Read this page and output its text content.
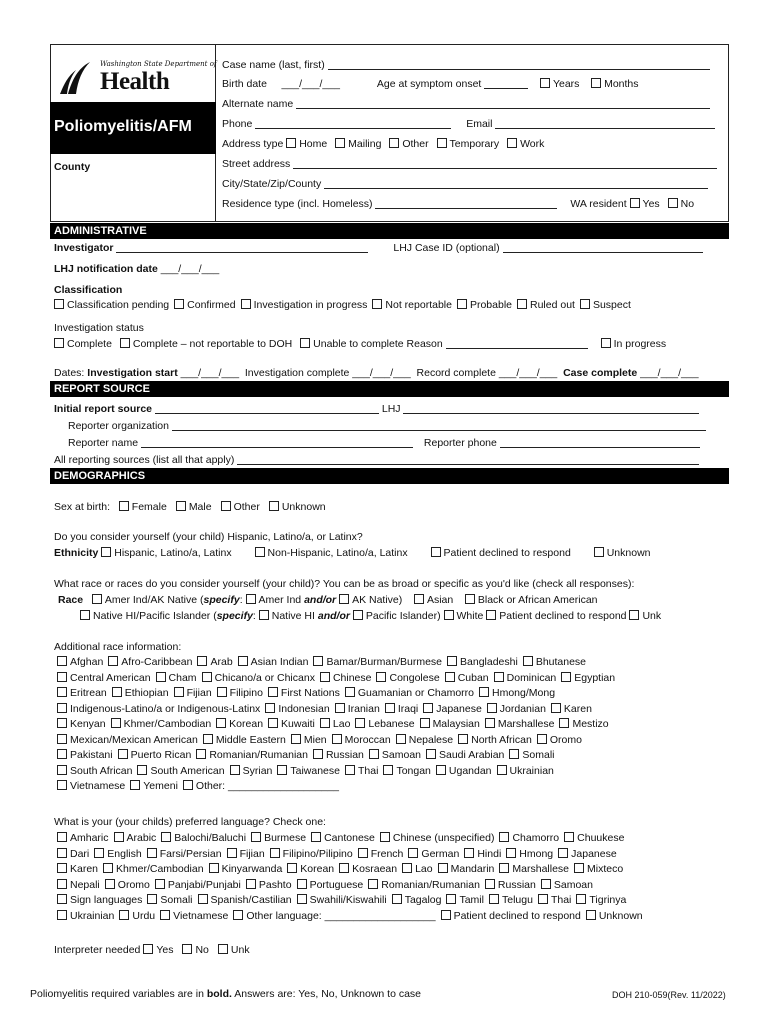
Washington State Department of
Health
Poliomyelitis/AFM
County
Case name (last, first)
Birth date ___/___/___	Age at symptom onset	Years Months
Alternate name
Phone	Email
Address type Home Mailing Other Temporary Work
Street address
City/State/Zip/County
Residence type (incl. Homeless)	WA resident Yes No
ADMINISTRATIVE
Investigator	LHJ Case ID (optional)
LHJ notification date ___/___/___
Classification
Classification pending Confirmed Investigation in progress Not reportable Probable Ruled out Suspect
Investigation status
Complete Complete – not reportable to DOH Unable to complete Reason	In progress
Dates: Investigation start ___/___/___ Investigation complete ___/___/___ Record complete ___/___/___ Case complete ___/___/___
REPORT SOURCE
Initial report source	LHJ
Reporter organization
Reporter name	Reporter phone
All reporting sources (list all that apply)
DEMOGRAPHICS
Sex at birth: Female Male Other Unknown
Do you consider yourself (your child) Hispanic, Latino/a, or Latinx?
Ethnicity Hispanic, Latino/a, Latinx	Non-Hispanic, Latino/a, Latinx	Patient declined to respond	Unknown
What race or races do you consider yourself (your child)? You can be as broad or specific as you'd like (check all responses):
Race Amer Ind/AK Native (specify: Amer Ind and/or AK Native) Asian Black or African American
Native HI/Pacific Islander (specify: Native HI and/or Pacific Islander) White Patient declined to respond Unk
Additional race information:
Afghan Afro-Caribbean Arab Asian Indian Bamar/Burman/Burmese Bangladeshi Bhutanese
Central American Cham Chicano/a or Chicanx Chinese Congolese Cuban Dominican Egyptian
Eritrean Ethiopian Fijian Filipino First Nations Guamanian or Chamorro Hmong/Mong
Indigenous-Latino/a or Indigenous-Latinx Indonesian Iranian Iraqi Japanese Jordanian Karen
Kenyan Khmer/Cambodian Korean Kuwaiti Lao Lebanese Malaysian Marshallese Mestizo
Mexican/Mexican American Middle Eastern Mien Moroccan Nepalese North African Oromo
Pakistani Puerto Rican Romanian/Rumanian Russian Samoan Saudi Arabian Somali
South African South American Syrian Taiwanese Thai Tongan Ugandan Ukrainian
Vietnamese Yemeni Other: ___________________
What is your (your childs) preferred language? Check one:
Amharic Arabic Balochi/Baluchi Burmese Cantonese Chinese (unspecified) Chamorro Chuukese
Dari English Farsi/Persian Fijian Filipino/Pilipino French German Hindi Hmong Japanese
Karen Khmer/Cambodian Kinyarwanda Korean Kosraean Lao Mandarin Marshallese Mixteco
Nepali Oromo Panjabi/Punjabi Pashto Portuguese Romanian/Rumanian Russian Samoan
Sign languages Somali Spanish/Castilian Swahili/Kiswahili Tagalog Tamil Telugu Thai Tigrinya
Ukrainian Urdu Vietnamese Other language: ___________________ Patient declined to respond Unknown
Interpreter needed Yes No Unk
Poliomyelitis required variables are in bold. Answers are: Yes, No, Unknown to case	DOH 210-059(Rev. 11/2022)
